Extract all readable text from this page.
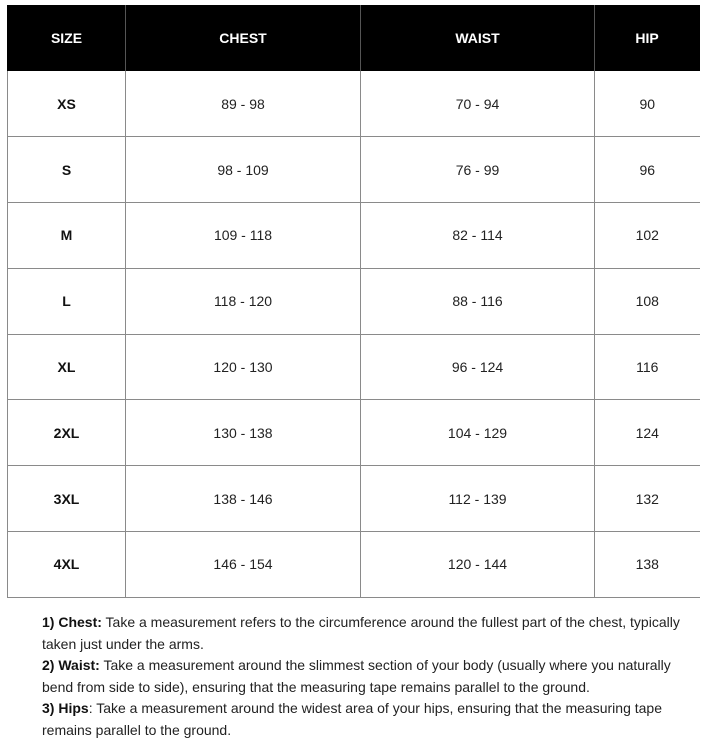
SIZE	CHEST	WAIST	HIP
XS	89 - 98	70 - 94	90
S	98 - 109	76 - 99	96
M	109 - 118	82 - 114	102
L	118 - 120	88 - 116	108
XL	120 - 130	96 - 124	116
2XL	130 - 138	104 - 129	124
3XL	138 - 146	112 - 139	132
4XL	146 - 154	120 - 144	138

1) Chest: Take a measurement refers to the circumference around the fullest part of the chest, typically taken just under the arms.

2) Waist: Take a measurement around the slimmest section of your body (usually where you naturally bend from side to side), ensuring that the measuring tape remains parallel to the ground.

3) Hips: Take a measurement around the widest area of your hips, ensuring that the measuring tape remains parallel to the ground.
